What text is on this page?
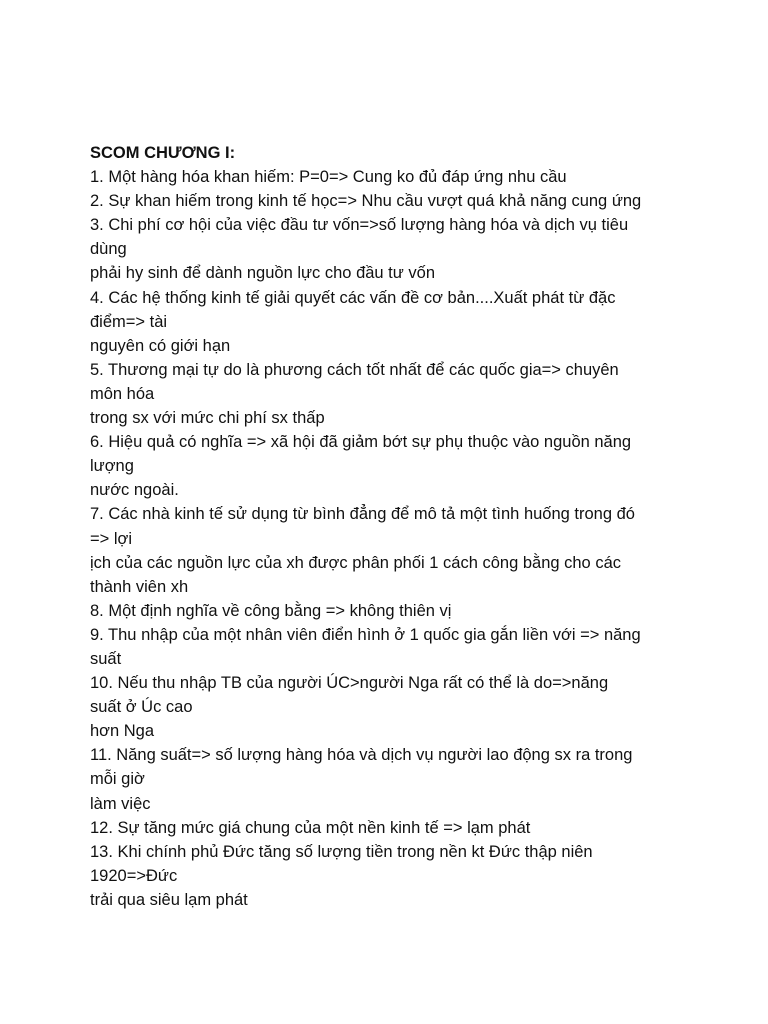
SCOM CHƯƠNG I:

1. Một hàng hóa khan hiếm: P=0=> Cung ko đủ đáp ứng nhu cầu

2. Sự khan hiếm trong kinh tế học=> Nhu cầu vượt quá khả năng cung ứng

3. Chi phí cơ hội của việc đầu tư vốn=>số lượng hàng hóa và dịch vụ tiêu

dùng

phải hy sinh để dành nguồn lực cho đầu tư vốn

4. Các hệ thống kinh tế giải quyết các vấn đề cơ bản....Xuất phát từ đặc

điểm=> tài

nguyên có giới hạn

5. Thương mại tự do là phương cách tốt nhất để các quốc gia=> chuyên

môn hóa

trong sx với mức chi phí sx thấp

6. Hiệu quả có nghĩa => xã hội đã giảm bớt sự phụ thuộc vào nguồn năng

lượng

nước ngoài.

7. Các nhà kinh tế sử dụng từ bình đẳng để mô tả một tình huống trong đó

=> lợi

ịch của các nguồn lực của xh được phân phối 1 cách công bằng cho các

thành viên xh

8. Một định nghĩa về công bằng => không thiên vị

9. Thu nhập của một nhân viên điển hình ở 1 quốc gia gắn liền với => năng

suất

10. Nếu thu nhập TB của người ÚC>người Nga rất có thể là do=>năng

suất ở Úc cao

hơn Nga

11. Năng suất=> số lượng hàng hóa và dịch vụ người lao động sx ra trong

mỗi giờ

làm việc

12. Sự tăng mức giá chung của một nền kinh tế => lạm phát

13. Khi chính phủ Đức tăng số lượng tiền trong nền kt Đức thập niên

1920=>Đức

trải qua siêu lạm phát
